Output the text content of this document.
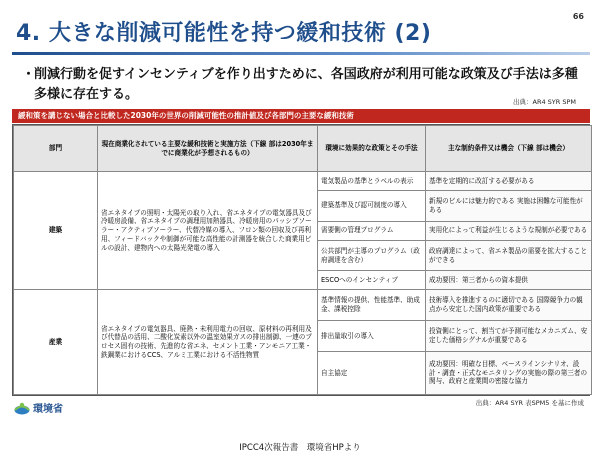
66
4. 大きな削減可能性を持つ緩和技術 (2)
・
削減行動を促すインセンティブを作り出すために、各国政府が利用可能な政策及び手法は多種多様に存在する。	出典：AR4 SYR SPM
緩和策を講じない場合と比較した2030年の世界の削減可能性の推計値及び各部門の主要な緩和技術
部門	現在商業化されている主要な緩和技術と実施方法（下線 部は2030年までに商業化が予想されるもの）	環境に効果的な政策とその手法	主な制約条件又は機会（下線 部は機会）
建築	省エネタイプの照明・太陽光の取り入れ、省エネタイプの電気器具及び冷暖房設備、省エネタイプの調理用加熱器具、冷暖房用のパッシブソーラー・アクティブソーラー、代替冷媒の導入、フロン類の回収及び再利用、フィードバックや制御が可能な高性能の計測器を統合した商業用ビルの設計、建物内への太陽光発電の導入	電気製品の基準とラベルの表示	基準を定期的に改訂する必要がある
		建築基準及び認可制度の導入	新規のビルには魅力的である 実施は困難な可能性がある
		需要側の管理プログラム	実用化によって利益が生じるような規制が必要である
		公共部門が主導のプログラム（政府調達を含む）	政府調達によって、省エネ製品の需要を拡大することができる
		ESCOへのインセンティブ	成功要因：第三者からの資本提供
産業	省エネタイプの電気器具、廃熱・未利用電力の回収、原材料の再利用及び代替品の活用、二酸化炭素以外の温室効果ガスの排出制御、一連のプロセス固有の技術、先進的な省エネ、セメント工業・アンモニア工業・鉄鋼業におけるCCS、アルミ工業における不活性物質	基準情報の提供、性能基準、助成金、課税控除	技術導入を推進するのに適切である 国際競争力の観点から安定した国内政策が重要である
		排出量取引の導入	投資側にとって、割当てが予測可能なメカニズム、安定した価格シグナルが重要である
		自主協定	成功要因：明確な目標、ベースラインシナリオ、設計・調査・正式なモニタリングの実施の際の第三者の関与、政府と産業間の密接な協力
出典：AR4 SYR 表SPM5 を基に作成
環境省
IPCC4次報告書　環境省HPより
